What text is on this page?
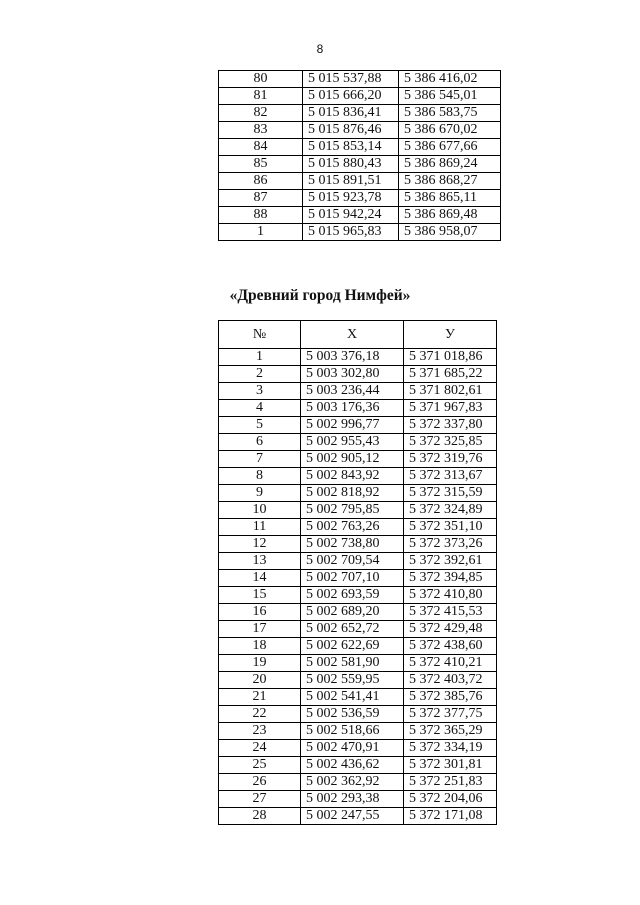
8
80	5 015 537,88	5 386 416,02
81	5 015 666,20	5 386 545,01
82	5 015 836,41	5 386 583,75
83	5 015 876,46	5 386 670,02
84	5 015 853,14	5 386 677,66
85	5 015 880,43	5 386 869,24
86	5 015 891,51	5 386 868,27
87	5 015 923,78	5 386 865,11
88	5 015 942,24	5 386 869,48
1	5 015 965,83	5 386 958,07
«Древний город Нимфей»
№	Х	У
1	5 003 376,18	5 371 018,86
2	5 003 302,80	5 371 685,22
3	5 003 236,44	5 371 802,61
4	5 003 176,36	5 371 967,83
5	5 002 996,77	5 372 337,80
6	5 002 955,43	5 372 325,85
7	5 002 905,12	5 372 319,76
8	5 002 843,92	5 372 313,67
9	5 002 818,92	5 372 315,59
10	5 002 795,85	5 372 324,89
11	5 002 763,26	5 372 351,10
12	5 002 738,80	5 372 373,26
13	5 002 709,54	5 372 392,61
14	5 002 707,10	5 372 394,85
15	5 002 693,59	5 372 410,80
16	5 002 689,20	5 372 415,53
17	5 002 652,72	5 372 429,48
18	5 002 622,69	5 372 438,60
19	5 002 581,90	5 372 410,21
20	5 002 559,95	5 372 403,72
21	5 002 541,41	5 372 385,76
22	5 002 536,59	5 372 377,75
23	5 002 518,66	5 372 365,29
24	5 002 470,91	5 372 334,19
25	5 002 436,62	5 372 301,81
26	5 002 362,92	5 372 251,83
27	5 002 293,38	5 372 204,06
28	5 002 247,55	5 372 171,08
